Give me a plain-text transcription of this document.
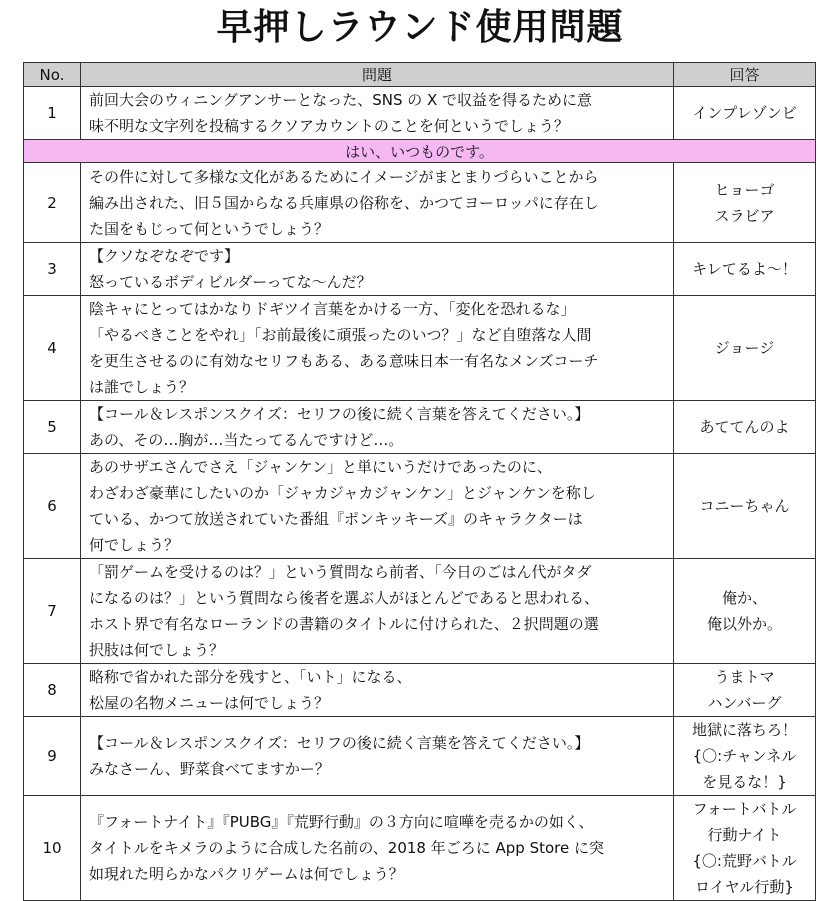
早押しラウンド使用問題
No.	問題	回答
1	前回大会のウィニングアンサーとなった、SNS の X で収益を得るために意
味不明な文字列を投稿するクソアカウントのことを何というでしょう？	インプレゾンビ
はい、いつものです。		
2	その件に対して多様な文化があるためにイメージがまとまりづらいことから
編み出された、旧５国からなる兵庫県の俗称を、かつてヨーロッパに存在し
た国をもじって何というでしょう？	ヒョーゴ
スラビア
3	【クソなぞなぞです】
怒っているボディビルダーってな～んだ？	キレてるよ～！
4	陰キャにとってはかなりドギツイ言葉をかける一方、「変化を恐れるな」
「やるべきことをやれ」「お前最後に頑張ったのいつ？」など自堕落な人間
を更生させるのに有効なセリフもある、ある意味日本一有名なメンズコーチ
は誰でしょう？	ジョージ
5	【コール＆レスポンスクイズ：セリフの後に続く言葉を答えてください。】
あの、その…胸が…当たってるんですけど…。	あててんのよ
6	あのサザエさんでさえ「ジャンケン」と単にいうだけであったのに、
わざわざ豪華にしたいのか「ジャカジャカジャンケン」とジャンケンを称し
ている、かつて放送されていた番組『ポンキッキーズ』のキャラクターは
何でしょう？	コニーちゃん
7	「罰ゲームを受けるのは？」という質問なら前者、「今日のごはん代がタダ
になるのは？」という質問なら後者を選ぶ人がほとんどであると思われる、
ホスト界で有名なローランドの書籍のタイトルに付けられた、２択問題の選
択肢は何でしょう？	俺か、
俺以外か。
8	略称で省かれた部分を残すと、「いト」になる、
松屋の名物メニューは何でしょう？	うまトマ
ハンバーグ
9	【コール＆レスポンスクイズ：セリフの後に続く言葉を答えてください。】
みなさーん、野菜食べてますかー？	地獄に落ちろ！
{〇:チャンネル
を見るな！}
10	『フォートナイト』『PUBG』『荒野行動』の３方向に喧嘩を売るかの如く、
タイトルをキメラのように合成した名前の、2018 年ごろに App Store に突
如現れた明らかなパクリゲームは何でしょう？	フォートバトル
行動ナイト
{〇:荒野バトル
ロイヤル行動}
